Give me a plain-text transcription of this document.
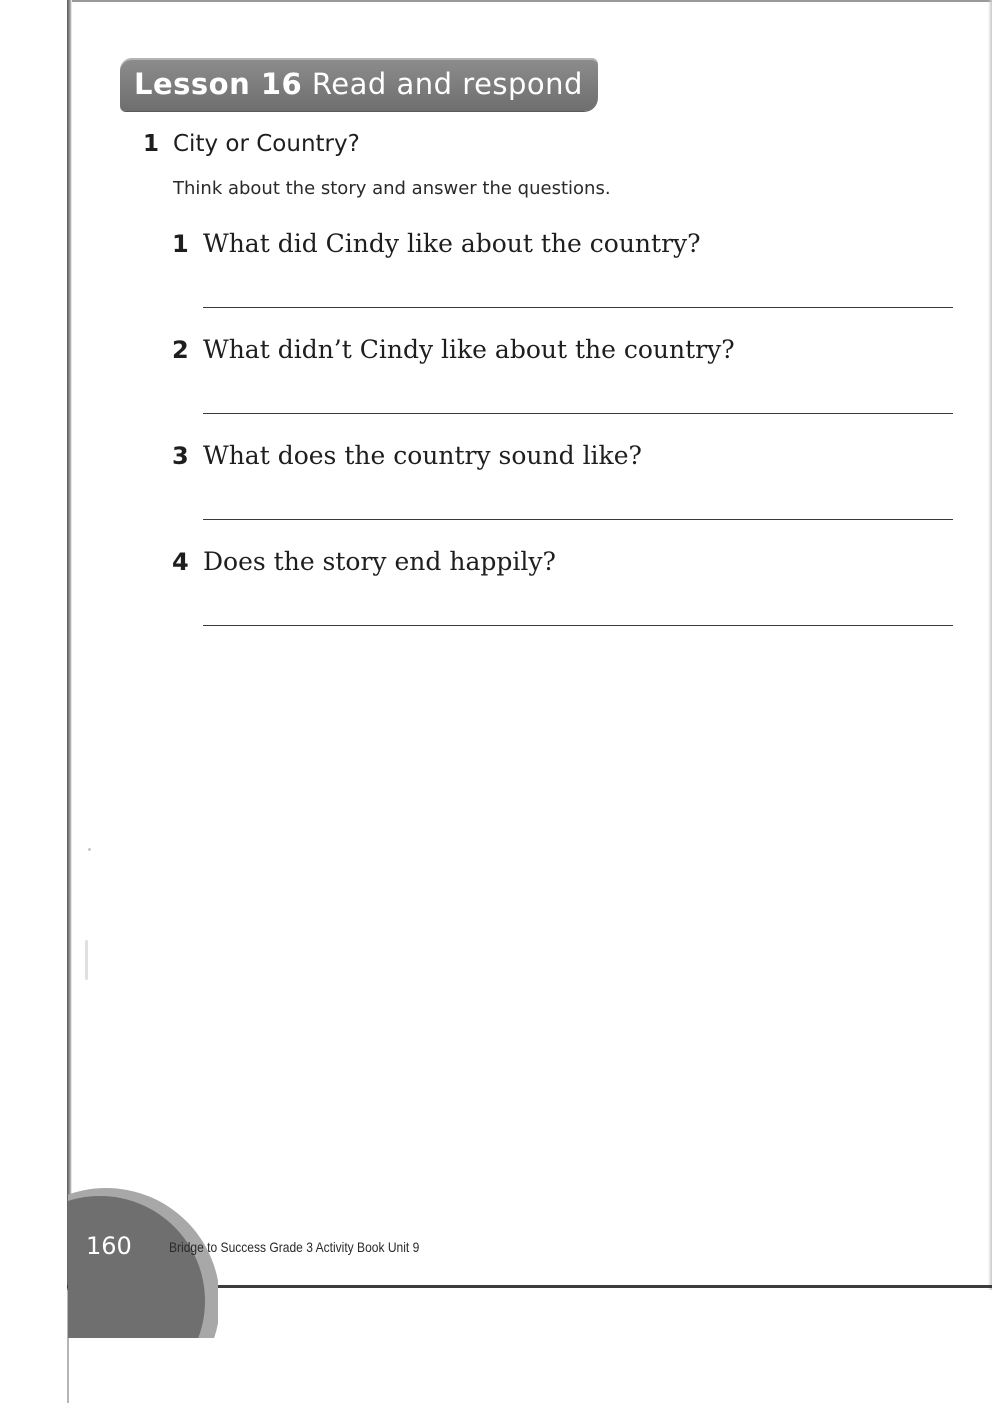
Lesson 16 Read and respond
1 City or Country?
Think about the story and answer the questions.
1 What did Cindy like about the country?
2 What didn’t Cindy like about the country?
3 What does the country sound like?
4 Does the story end happily?
160	Bridge to Success Grade 3 Activity Book Unit 9
